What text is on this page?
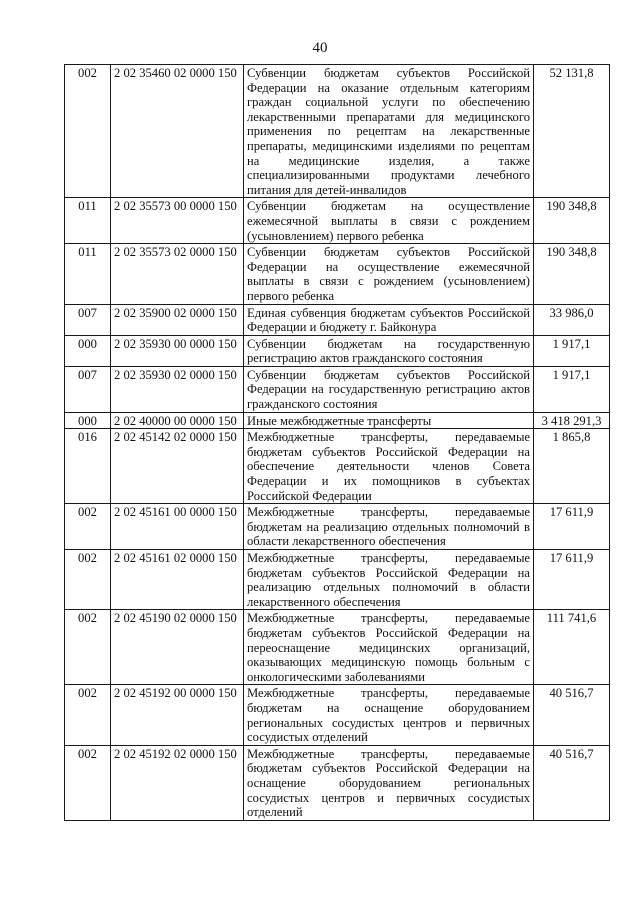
40
002	2 02 35460 02 0000 150	Субвенции бюджетам субъектов Российской Федерации на оказание отдельным категориям граждан социальной услуги по обеспечению лекарственными препаратами для медицинского применения по рецептам на лекарственные препараты, медицинскими изделиями по рецептам на медицинские изделия, а также специализированными продуктами лечебного питания для детей-инвалидов	52 131,8
011	2 02 35573 00 0000 150	Субвенции бюджетам на осуществление ежемесячной выплаты в связи с рождением (усыновлением) первого ребенка	190 348,8
011	2 02 35573 02 0000 150	Субвенции бюджетам субъектов Российской Федерации на осуществление ежемесячной выплаты в связи с рождением (усыновлением) первого ребенка	190 348,8
007	2 02 35900 02 0000 150	Единая субвенция бюджетам субъектов Российской Федерации и бюджету г. Байконура	33 986,0
000	2 02 35930 00 0000 150	Субвенции бюджетам на государственную регистрацию актов гражданского состояния	1 917,1
007	2 02 35930 02 0000 150	Субвенции бюджетам субъектов Российской Федерации на государственную регистрацию актов гражданского состояния	1 917,1
000	2 02 40000 00 0000 150	Иные межбюджетные трансферты	3 418 291,3
016	2 02 45142 02 0000 150	Межбюджетные трансферты, передаваемые бюджетам субъектов Российской Федерации на обеспечение деятельности членов Совета Федерации и их помощников в субъектах Российской Федерации	1 865,8
002	2 02 45161 00 0000 150	Межбюджетные трансферты, передаваемые бюджетам на реализацию отдельных полномочий в области лекарственного обеспечения	17 611,9
002	2 02 45161 02 0000 150	Межбюджетные трансферты, передаваемые бюджетам субъектов Российской Федерации на реализацию отдельных полномочий в области лекарственного обеспечения	17 611,9
002	2 02 45190 02 0000 150	Межбюджетные трансферты, передаваемые бюджетам субъектов Российской Федерации на переоснащение медицинских организаций, оказывающих медицинскую помощь больным с онкологическими заболеваниями	111 741,6
002	2 02 45192 00 0000 150	Межбюджетные трансферты, передаваемые бюджетам на оснащение оборудованием региональных сосудистых центров и первичных сосудистых отделений	40 516,7
002	2 02 45192 02 0000 150	Межбюджетные трансферты, передаваемые бюджетам субъектов Российской Федерации на оснащение оборудованием региональных сосудистых центров и первичных сосудистых отделений	40 516,7
